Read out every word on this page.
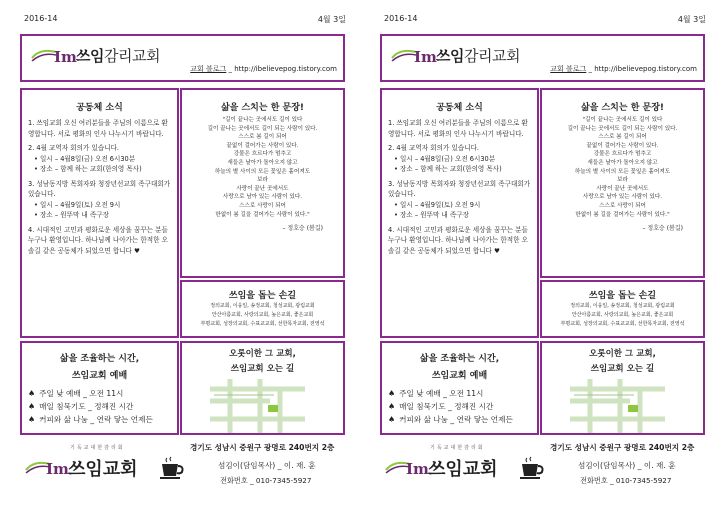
2016-14	4월 3일
Im 쓰임감리교회
교회 블로그 _ http://ibelievepog.tistory.com
공동체 소식
1. 쓰임교회 오신 여러분들을 주님의 이름으로 환영합니다. 서로 평화의 인사 나누시기 바랍니다.
2. 4월 교역자 회의가 있습니다.
• 일시 – 4월8일(금) 오전 6시30분
• 장소 – 함께 하는 교회(한의영 목사)
3. 성남동지방 목회자와 청장년선교회 족구대회가 있습니다.
• 일시 – 4월9일(토) 오전 9시
• 장소 – 원뚜막 내 족구장
4. 시대적인 고민과 평화로운 세상을 꿈꾸는 분들 누구나 환영입니다. 하나님께 나아가는 한적한 오솔길 같은 공동체가 되었으면 합니다 ♥
삶을 스치는 한 문장!
"길이 끝나는 곳에서도 길이 있다
길이 끝나는 곳에서도 길이 되는 사람이 있다.
스스로 봄 길이 되어
끝없이 걸어가는 사람이 있다.
강물은 흐르다가 멈추고
새들은 날아가 돌아오지 않고
하늘의 별 사이의 모든 꽃잎은 흩어져도
보라
사랑이 끝난 곳에서도
사랑으로 남아 있는 사람이 있다.
스스로 사랑이 되어
한없이 봄 길을 걸어가는 사람이 있다."
– 정호승 (봄길)
쓰임을 돕는 손길
정의교회, 이웅일, 송정교회, 청성교회, 광림교회
안산아름교회, 사랑의교회, 높은교회, 좋은교회
부평교회, 성장의교회, 수표교교회, 선한목자교회, 전영석
삶을 조율하는 시간,
쓰임교회 예배
♠ 주일 낮 예배 _ 오전 11시
♠ 매일 침묵기도 _ 정해진 시간
♠ 커피와 삶 나눔 _ 연락 닿는 언제든
오롯이한 그 교회,
쓰임교회 오는 길
기독교대한감리회
Im 쓰임교회
경기도 성남시 중원구 광명로 240번지 2층
섬김이(담임목사) _ 이. 재. 훈
전화번호 _ 010-7345-5927
2016-14	4월 3일
Im 쓰임감리교회
교회 블로그 _ http://ibelievepog.tistory.com
공동체 소식
1. 쓰임교회 오신 여러분들을 주님의 이름으로 환영합니다. 서로 평화의 인사 나누시기 바랍니다.
2. 4월 교역자 회의가 있습니다.
• 일시 – 4월8일(금) 오전 6시30분
• 장소 – 함께 하는 교회(한의영 목사)
3. 성남동지방 목회자와 청장년선교회 족구대회가 있습니다.
• 일시 – 4월9일(토) 오전 9시
• 장소 – 원뚜막 내 족구장
4. 시대적인 고민과 평화로운 세상을 꿈꾸는 분들 누구나 환영입니다. 하나님께 나아가는 한적한 오솔길 같은 공동체가 되었으면 합니다 ♥
삶을 스치는 한 문장!
"길이 끝나는 곳에서도 길이 있다
길이 끝나는 곳에서도 길이 되는 사람이 있다.
스스로 봄 길이 되어
끝없이 걸어가는 사람이 있다.
강물은 흐르다가 멈추고
새들은 날아가 돌아오지 않고
하늘의 별 사이의 모든 꽃잎은 흩어져도
보라
사랑이 끝난 곳에서도
사랑으로 남아 있는 사람이 있다.
스스로 사랑이 되어
한없이 봄 길을 걸어가는 사람이 있다."
– 정호승 (봄길)
쓰임을 돕는 손길
정의교회, 이웅일, 송정교회, 청성교회, 광림교회
안산아름교회, 사랑의교회, 높은교회, 좋은교회
부평교회, 성장의교회, 수표교교회, 선한목자교회, 전영석
삶을 조율하는 시간,
쓰임교회 예배
♠ 주일 낮 예배 _ 오전 11시
♠ 매일 침묵기도 _ 정해진 시간
♠ 커피와 삶 나눔 _ 연락 닿는 언제든
오롯이한 그 교회,
쓰임교회 오는 길
기독교대한감리회
Im 쓰임교회
경기도 성남시 중원구 광명로 240번지 2층
섬김이(담임목사) _ 이. 재. 훈
전화번호 _ 010-7345-5927
